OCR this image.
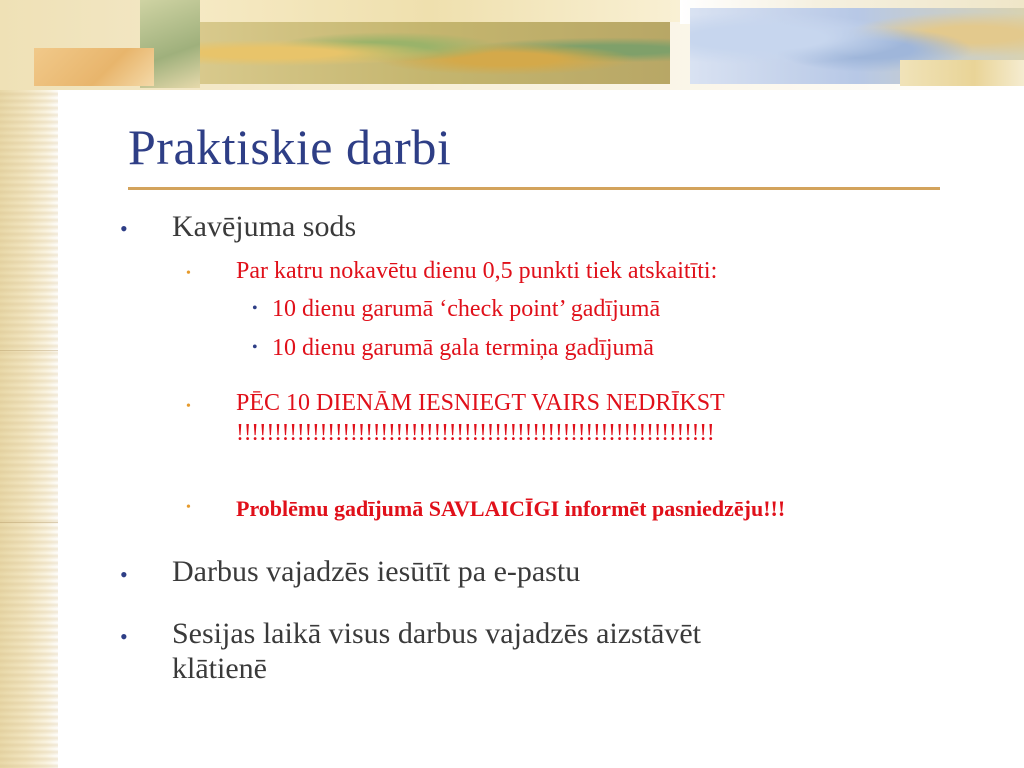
Praktiskie darbi
• Kavējuma sods

• Par katru nokavētu dienu 0,5 punkti tiek atskaitīti:

• 10 dienu garumā ‘check point’ gadījumā

• 10 dienu garumā gala termiņa gadījumā

• PĒC 10 DIENĀM IESNIEGT VAIRS NEDRĪKST

!!!!!!!!!!!!!!!!!!!!!!!!!!!!!!!!!!!!!!!!!!!!!!!!!!!!!!!!!!!!!!!

• Problēmu gadījumā SAVLAICĪGI informēt pasniedzēju!!!

• Darbus vajadzēs iesūtīt pa e-pastu

• Sesijas laikā visus darbus vajadzēs aizstāvēt

klātienē
